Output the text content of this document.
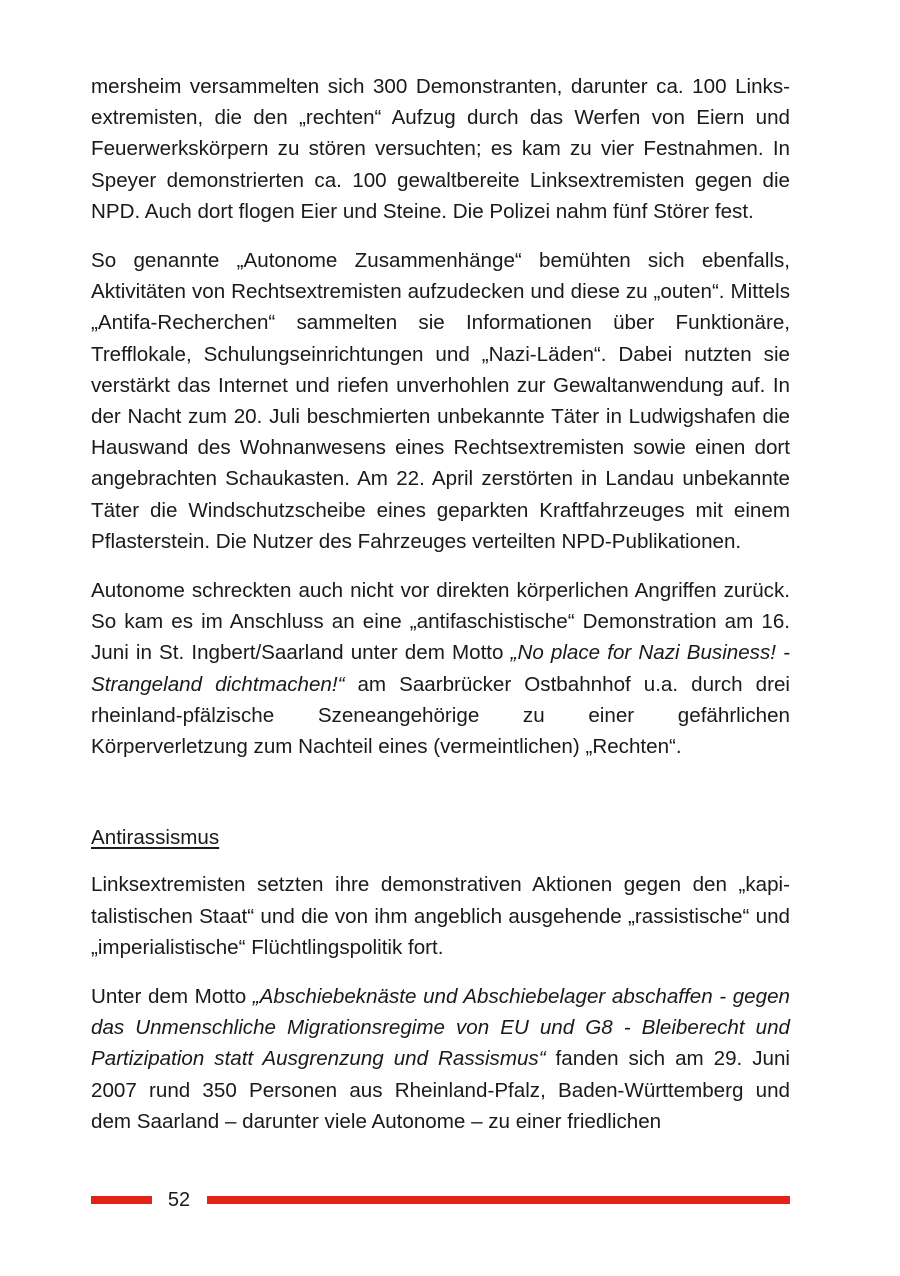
mersheim versammelten sich 300 Demonstranten, darunter ca. 100 Linksextremisten, die den „rechten“ Aufzug durch das Werfen von Eiern und Feuerwerkskörpern zu stören versuchten; es kam zu vier Festnahmen. In Speyer demonstrierten ca. 100 gewaltbereite Linksextremisten gegen die NPD. Auch dort flogen Eier und Steine. Die Polizei nahm fünf Störer fest.

So genannte „Autonome Zusammenhänge“ bemühten sich ebenfalls, Aktivitäten von Rechtsextremisten aufzudecken und diese zu „outen“. Mittels „Antifa-Recherchen“ sammelten sie Informationen über Funktionäre, Trefflokale, Schulungseinrichtungen und „Nazi-Läden“. Dabei nutzten sie verstärkt das Internet und riefen unverhohlen zur Gewaltanwendung auf. In der Nacht zum 20. Juli beschmierten unbekannte Täter in Ludwigshafen die Hauswand des Wohnanwesens eines Rechtsextremisten sowie einen dort angebrachten Schaukasten. Am 22. April zerstörten in Landau unbekannte Täter die Windschutzscheibe eines geparkten Kraftfahrzeuges mit einem Pflasterstein. Die Nutzer des Fahrzeuges verteilten NPD-Publikationen.

Autonome schreckten auch nicht vor direkten körperlichen Angriffen zurück. So kam es im Anschluss an eine „antifaschistische“ Demonstration am 16. Juni in St. Ingbert/Saarland unter dem Motto „No place for Nazi Business! - Strangeland dichtmachen!“ am Saarbrücker Ostbahnhof u.a. durch drei rheinland-pfälzische Szeneangehörige zu einer gefährlichen Körperverletzung zum Nachteil eines (vermeintlichen) „Rechten“.

Antirassismus

Linksextremisten setzten ihre demonstrativen Aktionen gegen den „kapitalistischen Staat“ und die von ihm angeblich ausgehende „rassistische“ und „imperialistische“ Flüchtlingspolitik fort.

Unter dem Motto „Abschiebeknäste und Abschiebelager abschaffen - gegen das Unmenschliche Migrationsregime von EU und G8 - Bleiberecht und Partizipation statt Ausgrenzung und Rassismus“ fanden sich am 29. Juni 2007 rund 350 Personen aus Rheinland-Pfalz, Baden-Württemberg und dem Saarland – darunter viele Autonome – zu einer friedlichen

52
